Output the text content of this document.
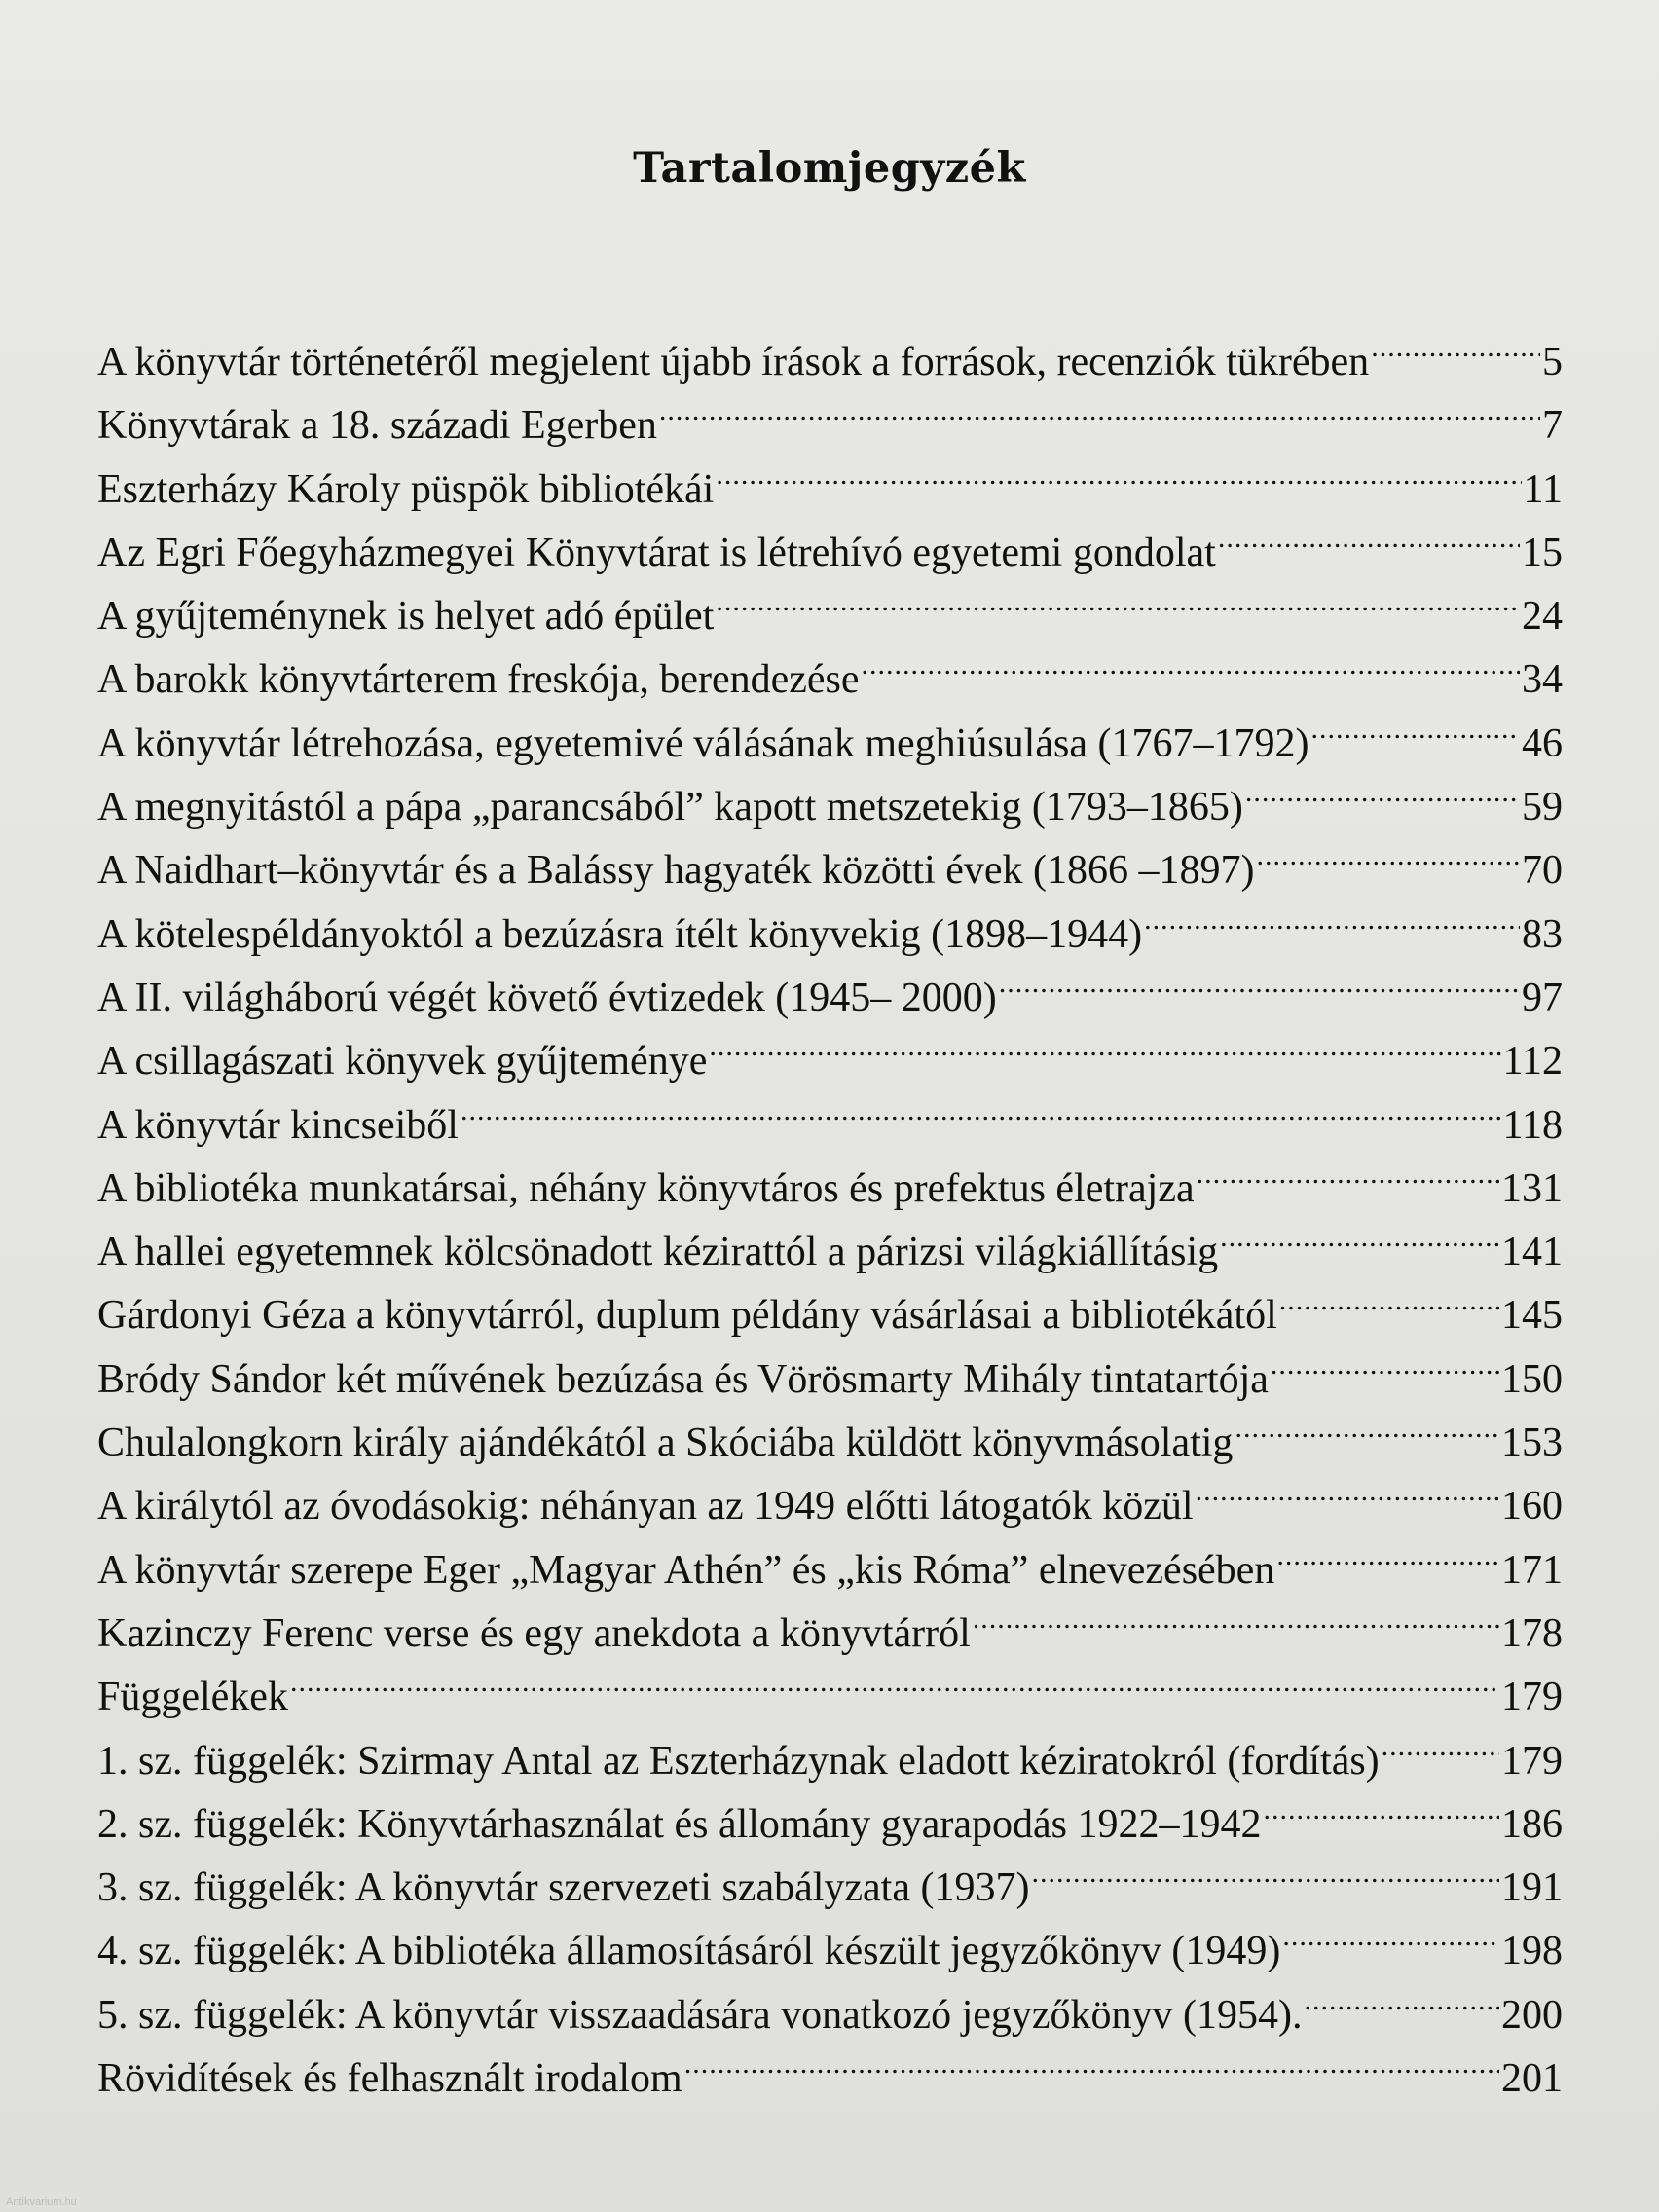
Tartalomjegyzék
A könyvtár történetéről megjelent újabb írások a források, recenziók tükrében .....	5
Könyvtárak a 18. századi Egerben .....	7
Eszterházy Károly püspök bibliotékái .....	11
Az Egri Főegyházmegyei Könyvtárat is létrehívó egyetemi gondolat .....	15
A gyűjteménynek is helyet adó épület .....	24
A barokk könyvtárterem freskója, berendezése .....	34
A könyvtár létrehozása, egyetemivé válásának meghiúsulása (1767–1792) .....	46
A megnyitástól a pápa „parancsából” kapott metszetekig (1793–1865) .....	59
A Naidhart–könyvtár és a Balássy hagyaték közötti évek (1866 –1897) .....	70
A kötelespéldányoktól a bezúzásra ítélt könyvekig (1898–1944) .....	83
A II. világháború végét követő évtizedek (1945– 2000) .....	97
A csillagászati könyvek gyűjteménye .....	112
A könyvtár kincseiből .....	118
A bibliotéka munkatársai, néhány könyvtáros és prefektus életrajza .....	131
A hallei egyetemnek kölcsönadott kézirattól a párizsi világkiállításig .....	141
Gárdonyi Géza a könyvtárról, duplum példány vásárlásai a bibliotékától .....	145
Bródy Sándor két művének bezúzása és Vörösmarty Mihály tintatartója .....	150
Chulalongkorn király ajándékától a Skóciába küldött könyvmásolatig .....	153
A királytól az óvodásokig: néhányan az 1949 előtti látogatók közül .....	160
A könyvtár szerepe Eger „Magyar Athén” és „kis Róma” elnevezésében .....	171
Kazinczy Ferenc verse és egy anekdota a könyvtárról .....	178
Függelékek .....	179
1. sz. függelék: Szirmay Antal az Eszterházynak eladott kéziratokról (fordítás) .....	179
2. sz. függelék: Könyvtárhasználat és állomány gyarapodás 1922–1942 .....	186
3. sz. függelék: A könyvtár szervezeti szabályzata (1937) .....	191
4. sz. függelék: A bibliotéka államosításáról készült jegyzőkönyv (1949) .....	198
5. sz. függelék: A könyvtár visszaadására vonatkozó jegyzőkönyv (1954). .....	200
Rövidítések és felhasznált irodalom .....	201
Antikvarium.hu
